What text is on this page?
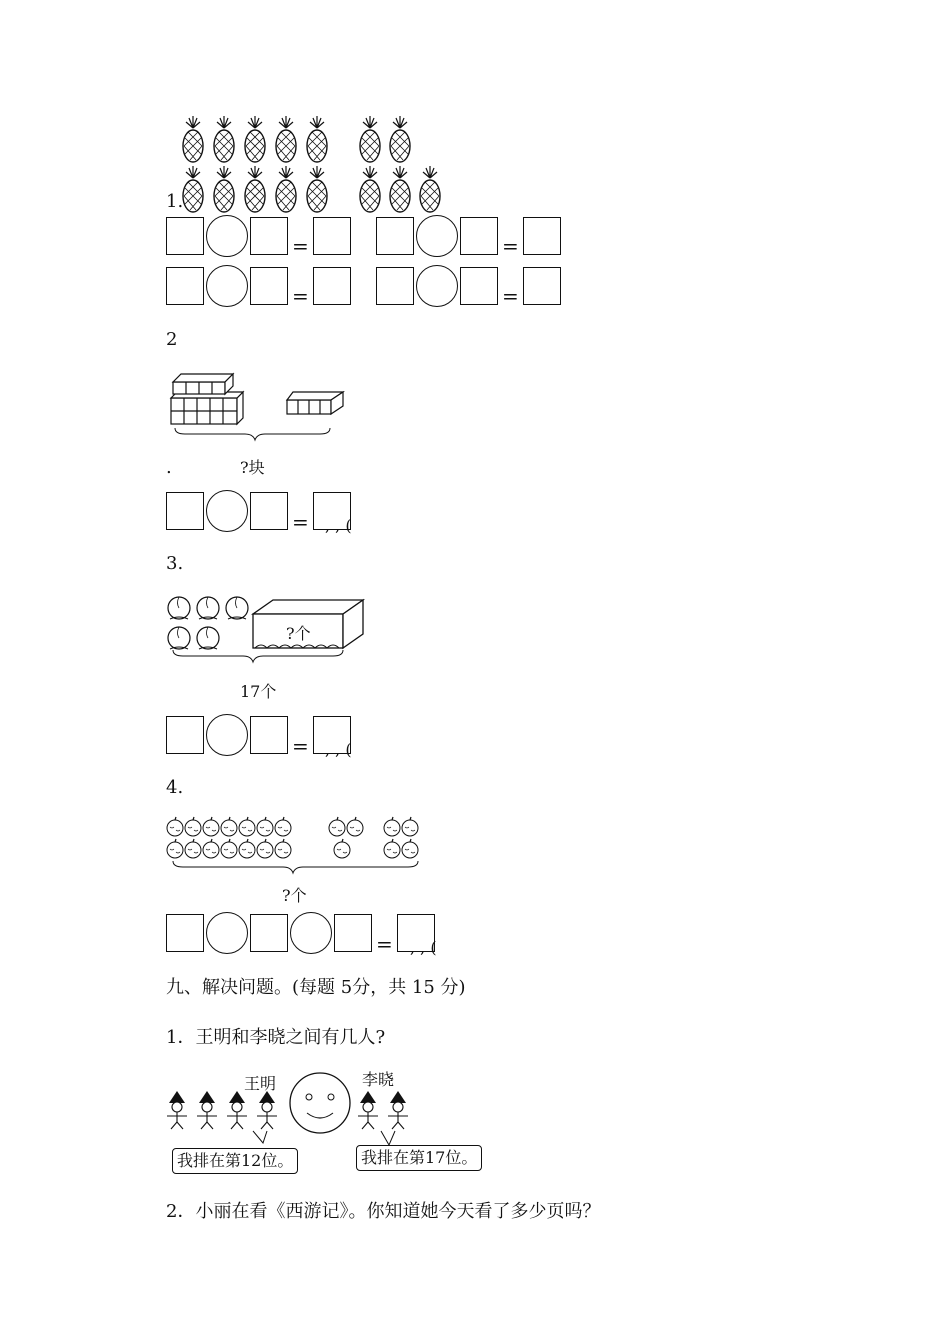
1.
=	=
=	=
2
.	?块
= , , (
3.
?个
17个
= , , (
4.
?个
= , , (
九、解决问题。(每题 5分，共 15 分)
1．王明和李晓之间有几人?
王明	李晓
我排在第12位。	我排在第17位。
2．小丽在看《西游记》。你知道她今天看了多少页吗？
